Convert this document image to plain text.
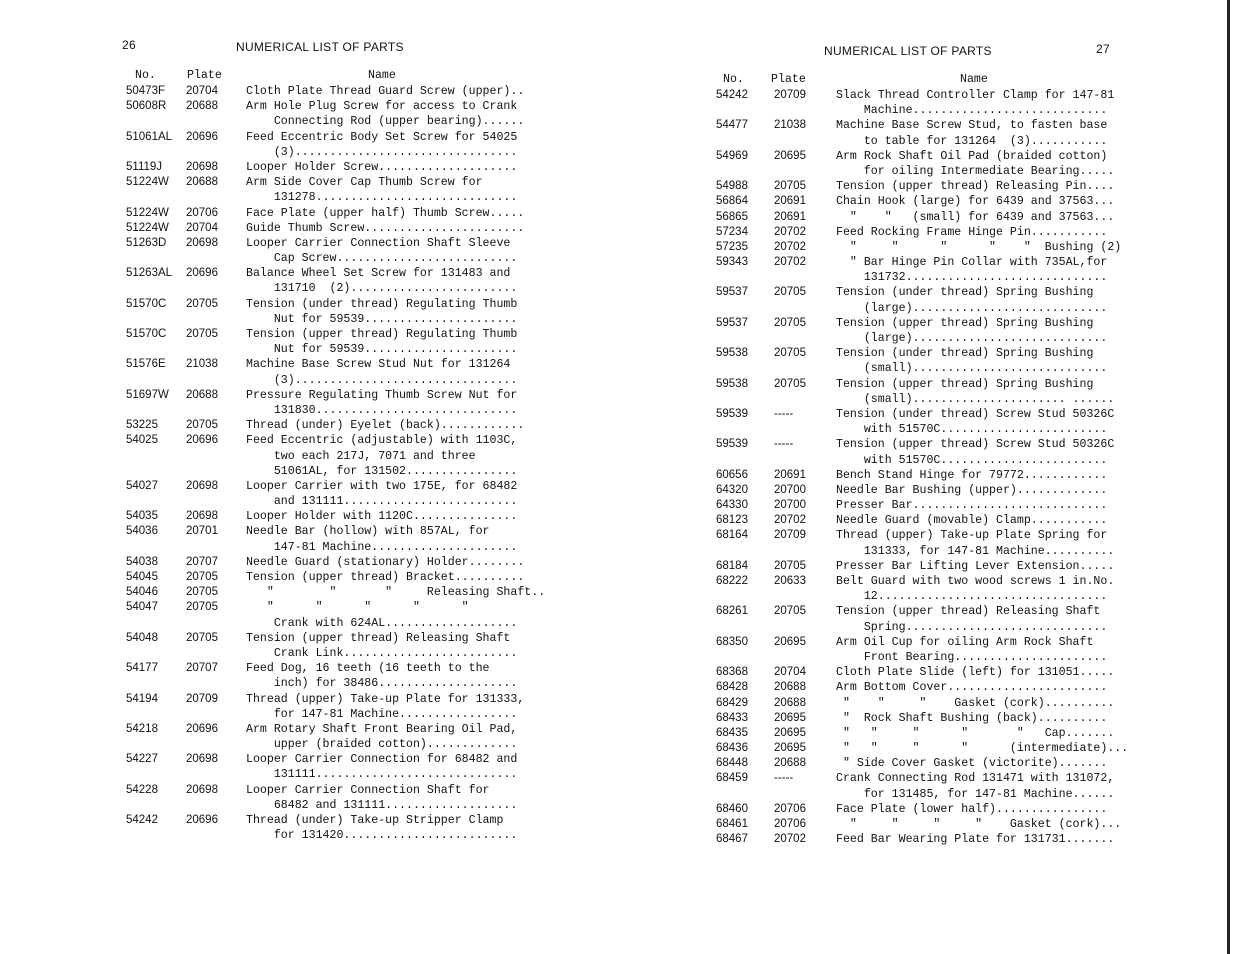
26	NUMERICAL LIST OF PARTS
No.	Plate	Name
50473F 20704 Cloth Plate Thread Guard Screw (upper)..
50608R 20688 Arm Hole Plug Screw for access to Crank
Connecting Rod (upper bearing)......
51061AL 20696 Feed Eccentric Body Set Screw for 54025
(3)................................
51119J 20698 Looper Holder Screw....................
51224W 20688 Arm Side Cover Cap Thumb Screw for
131278.............................
51224W 20706 Face Plate (upper half) Thumb Screw.....
51224W 20704 Guide Thumb Screw.......................
51263D 20698 Looper Carrier Connection Shaft Sleeve
Cap Screw..........................
51263AL 20696 Balance Wheel Set Screw for 131483 and
131710  (2)........................
51570C 20705 Tension (under thread) Regulating Thumb
Nut for 59539......................
51570C 20705 Tension (upper thread) Regulating Thumb
Nut for 59539......................
51576E 21038 Machine Base Screw Stud Nut for 131264
(3)................................
51697W 20688 Pressure Regulating Thumb Screw Nut for
131830.............................
53225 20705 Thread (under) Eyelet (back)............
54025 20696 Feed Eccentric (adjustable) with 1103C,
two each 217J, 7071 and three
51061AL, for 131502................
54027 20698 Looper Carrier with two 175E, for 68482
and 131111.........................
54035 20698 Looper Holder with 1120C...............
54036 20701 Needle Bar (hollow) with 857AL, for
147-81 Machine.....................
54038 20707 Needle Guard (stationary) Holder........
54045 20705 Tension (upper thread) Bracket..........
54046 20705 "        "       "     Releasing Shaft..
54047 20705 "      "      "      "      "
Crank with 624AL...................
54048 20705 Tension (upper thread) Releasing Shaft
Crank Link.........................
54177 20707 Feed Dog, 16 teeth (16 teeth to the
inch) for 38486....................
54194 20709 Thread (upper) Take-up Plate for 131333,
for 147-81 Machine.................
54218 20696 Arm Rotary Shaft Front Bearing Oil Pad,
upper (braided cotton).............
54227 20698 Looper Carrier Connection for 68482 and
131111.............................
54228 20698 Looper Carrier Connection Shaft for
68482 and 131111...................
54242 20696 Thread (under) Take-up Stripper Clamp
for 131420.........................
NUMERICAL LIST OF PARTS	27
No. Plate	Name
54242 20709	Slack Thread Controller Clamp for 147-81
Machine............................
54477 21038	Machine Base Screw Stud, to fasten base
to table for 131264  (3)...........
54969 20695	Arm Rock Shaft Oil Pad (braided cotton)
for oiling Intermediate Bearing.....
54988 20705	Tension (upper thread) Releasing Pin....
56864 20691	Chain Hook (large) for 6439 and 37563...
56865 20691	"    "   (small) for 6439 and 37563...
57234 20702	Feed Rocking Frame Hinge Pin...........
57235 20702	"     "      "      "    "  Bushing (2)
59343 20702	" Bar Hinge Pin Collar with 735AL,for
131732.............................
59537 20705	Tension (under thread) Spring Bushing
(large)............................
59537 20705	Tension (upper thread) Spring Bushing
(large)............................
59538 20705	Tension (under thread) Spring Bushing
(small)............................
59538 20705	Tension (upper thread) Spring Bushing
(small)...................... ......
59539 -----	Tension (under thread) Screw Stud 50326C
with 51570C........................
59539 -----	Tension (upper thread) Screw Stud 50326C
with 51570C........................
60656 20691	Bench Stand Hinge for 79772............
64320 20700	Needle Bar Bushing (upper).............
64330 20700	Presser Bar............................
68123 20702	Needle Guard (movable) Clamp...........
68164 20709	Thread (upper) Take-up Plate Spring for
131333, for 147-81 Machine..........
68184 20705	Presser Bar Lifting Lever Extension.....
68222 20633	Belt Guard with two wood screws 1 in.No.
12.................................
68261 20705	Tension (upper thread) Releasing Shaft
Spring.............................
68350 20695	Arm Oil Cup for oiling Arm Rock Shaft
Front Bearing......................
68368 20704	Cloth Plate Slide (left) for 131051.....
68428 20688	Arm Bottom Cover.......................
68429 20688	"    "     "    Gasket (cork)..........
68433 20695	"  Rock Shaft Bushing (back)..........
68435 20695	"   "     "      "       "   Cap.......
68436 20695	"   "     "      "      (intermediate)...
68448 20688	" Side Cover Gasket (victorite).......
68459 -----	Crank Connecting Rod 131471 with 131072,
for 131485, for 147-81 Machine......
68460 20706	Face Plate (lower half)................
68461 20706	"     "     "     "    Gasket (cork)...
68467 20702	Feed Bar Wearing Plate for 131731.......
